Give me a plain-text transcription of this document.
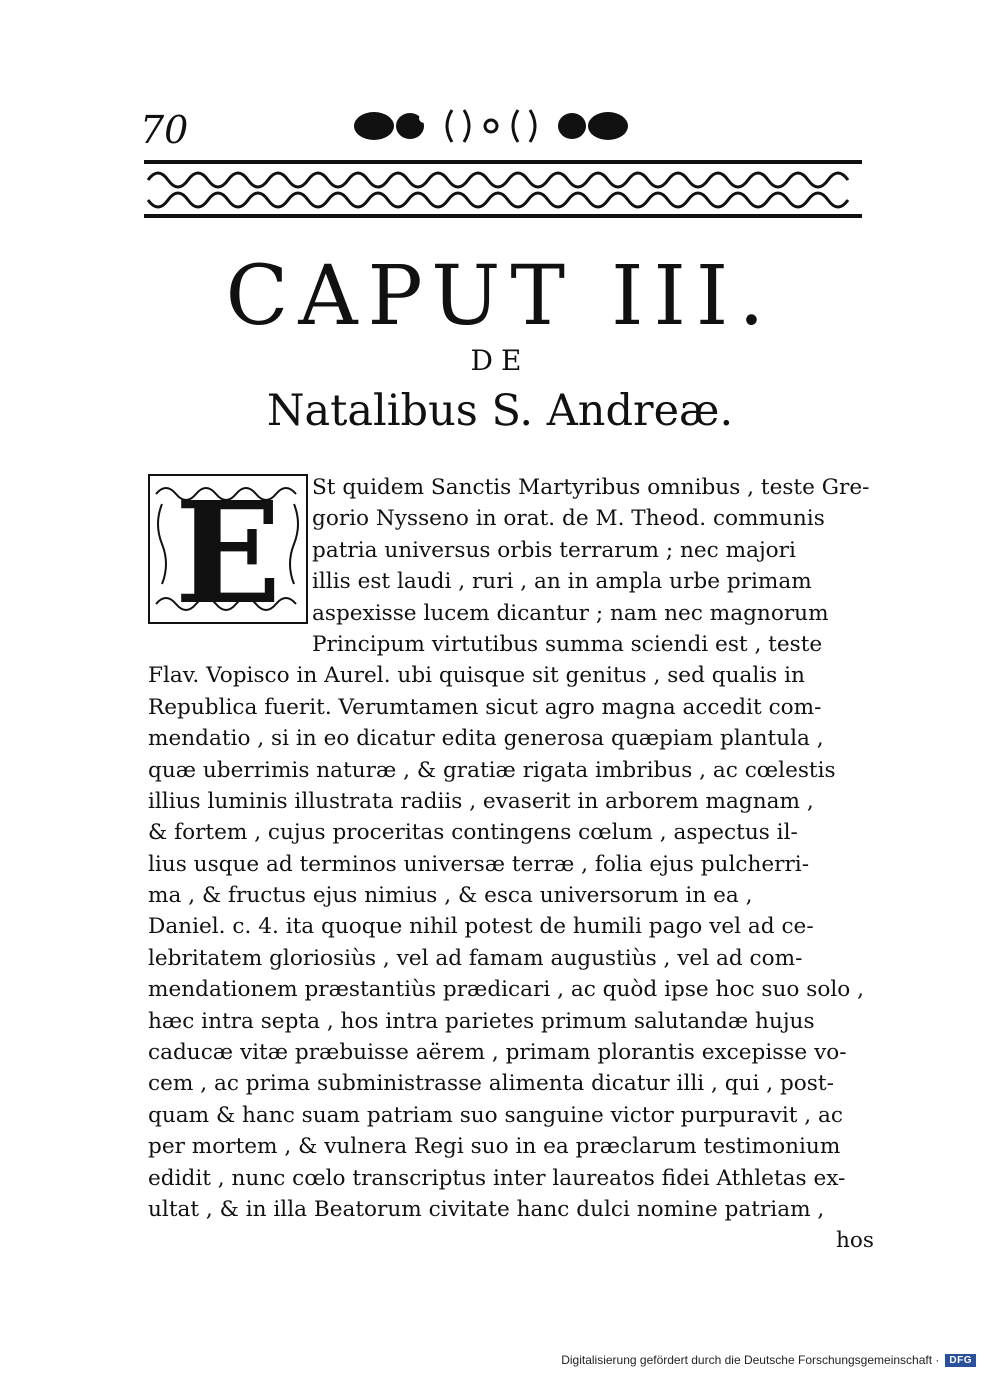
70
CAPUT III.
DE
Natalibus S. Andreæ.
E	St quidem Sanctis Martyribus omnibus , teste Gre-
gorio Nysseno in orat. de M. Theod. communis
patria universus orbis terrarum ; nec majori
illis est laudi , ruri , an in ampla urbe primam
aspexisse lucem dicantur ; nam nec magnorum
Principum virtutibus summa sciendi est , teste
Flav. Vopisco in Aurel. ubi quisque sit genitus , sed qualis in
Republica fuerit. Verumtamen sicut agro magna accedit com-
mendatio , si in eo dicatur edita generosa quæpiam plantula ,
quæ uberrimis naturæ , & gratiæ rigata imbribus , ac cœlestis
illius luminis illustrata radiis , evaserit in arborem magnam ,
& fortem , cujus proceritas contingens cœlum , aspectus il-
lius usque ad terminos universæ terræ , folia ejus pulcherri-
ma , & fructus ejus nimius , & esca universorum in ea ,
Daniel. c. 4. ita quoque nihil potest de humili pago vel ad ce-
lebritatem gloriosiùs , vel ad famam augustiùs , vel ad com-
mendationem præstantiùs prædicari , ac quòd ipse hoc suo solo ,
hæc intra septa , hos intra parietes primum salutandæ hujus
caducæ vitæ præbuisse aërem , primam plorantis excepisse vo-
cem , ac prima subministrasse alimenta dicatur illi , qui , post-
quam & hanc suam patriam suo sanguine victor purpuravit , ac
per mortem , & vulnera Regi suo in ea præclarum testimonium
edidit , nunc cœlo transcriptus inter laureatos fidei Athletas ex-
ultat , & in illa Beatorum civitate hanc dulci nomine patriam ,
hos
Digitalisierung gefördert durch die Deutsche Forschungsgemeinschaft ·	DFG
